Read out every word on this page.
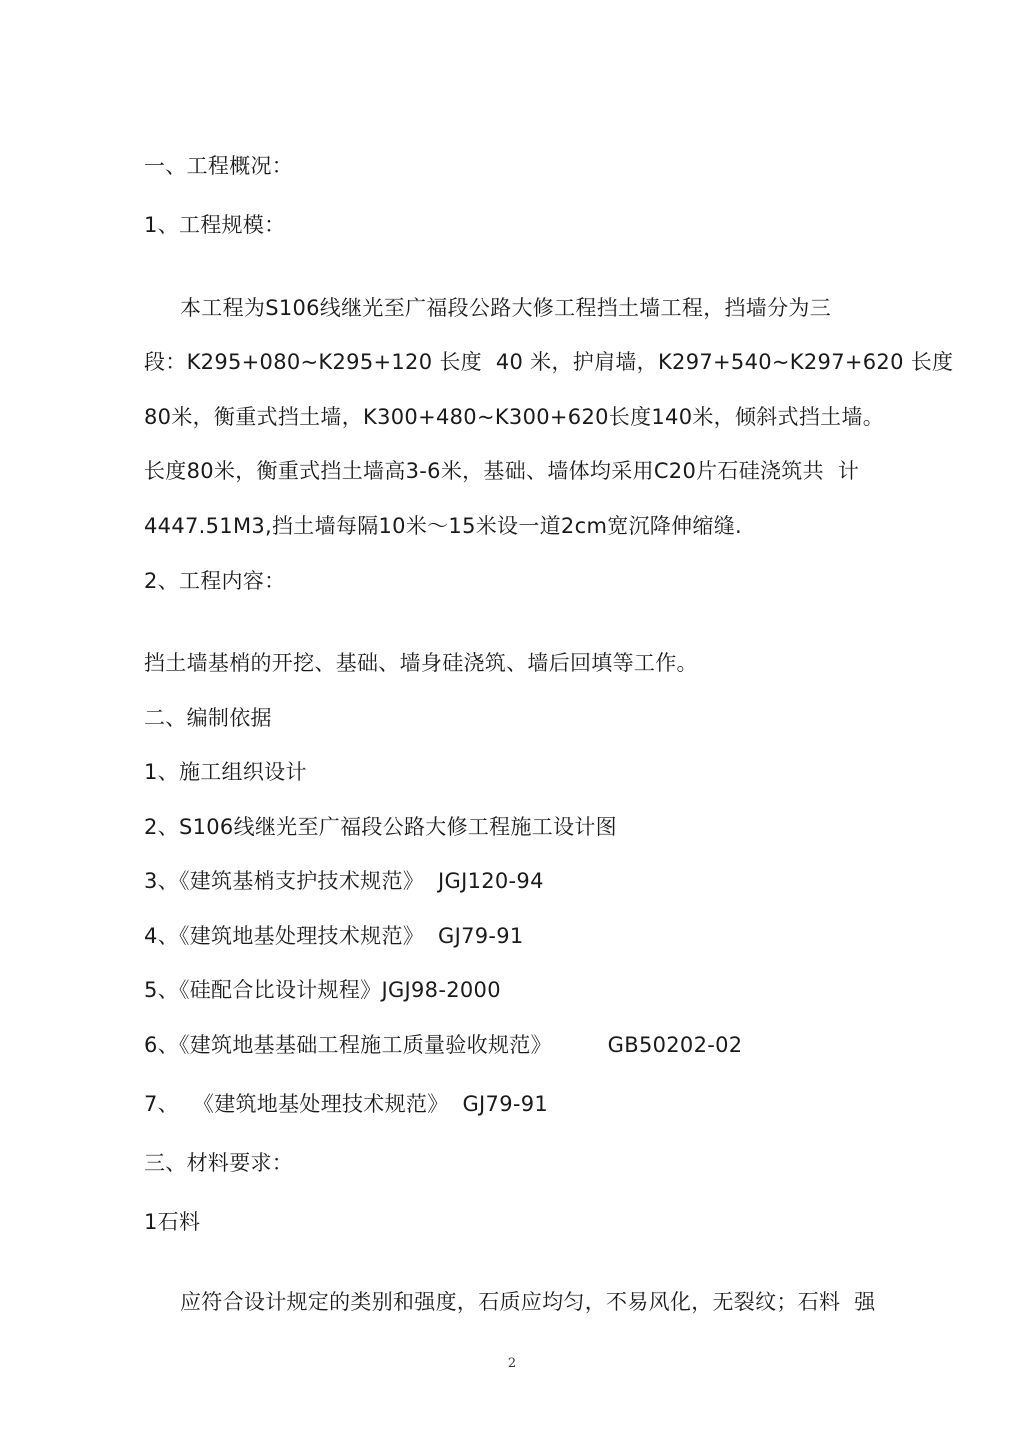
一、工程概况：
1、工程规模：
本工程为S106线继光至广福段公路大修工程挡土墙工程，挡墙分为三
段：K295+080~K295+120 长度  40 米，护肩墙，K297+540~K297+620 长度
80米，衡重式挡土墙，K300+480~K300+620长度140米，倾斜式挡土墙。
长度80米，衡重式挡土墙高3-6米，基础、墙体均采用C20片石硅浇筑共  计
4447.51M3,挡土墙每隔10米〜15米设一道2cm宽沉降伸缩缝.
2、工程内容：
挡土墙基梢的开挖、基础、墙身硅浇筑、墙后回填等工作。
二、编制依据
1、施工组织设计
2、S106线继光至广福段公路大修工程施工设计图
3、《建筑基梢支护技术规范》  JGJ120-94
4、《建筑地基处理技术规范》  GJ79-91
5、《硅配合比设计规程》JGJ98-2000
6、《建筑地基基础工程施工质量验收规范》        GB50202-02
7、  《建筑地基处理技术规范》  GJ79-91
三、材料要求：
1石料
应符合设计规定的类别和强度，石质应均匀，不易风化，无裂纹；石料  强
2
